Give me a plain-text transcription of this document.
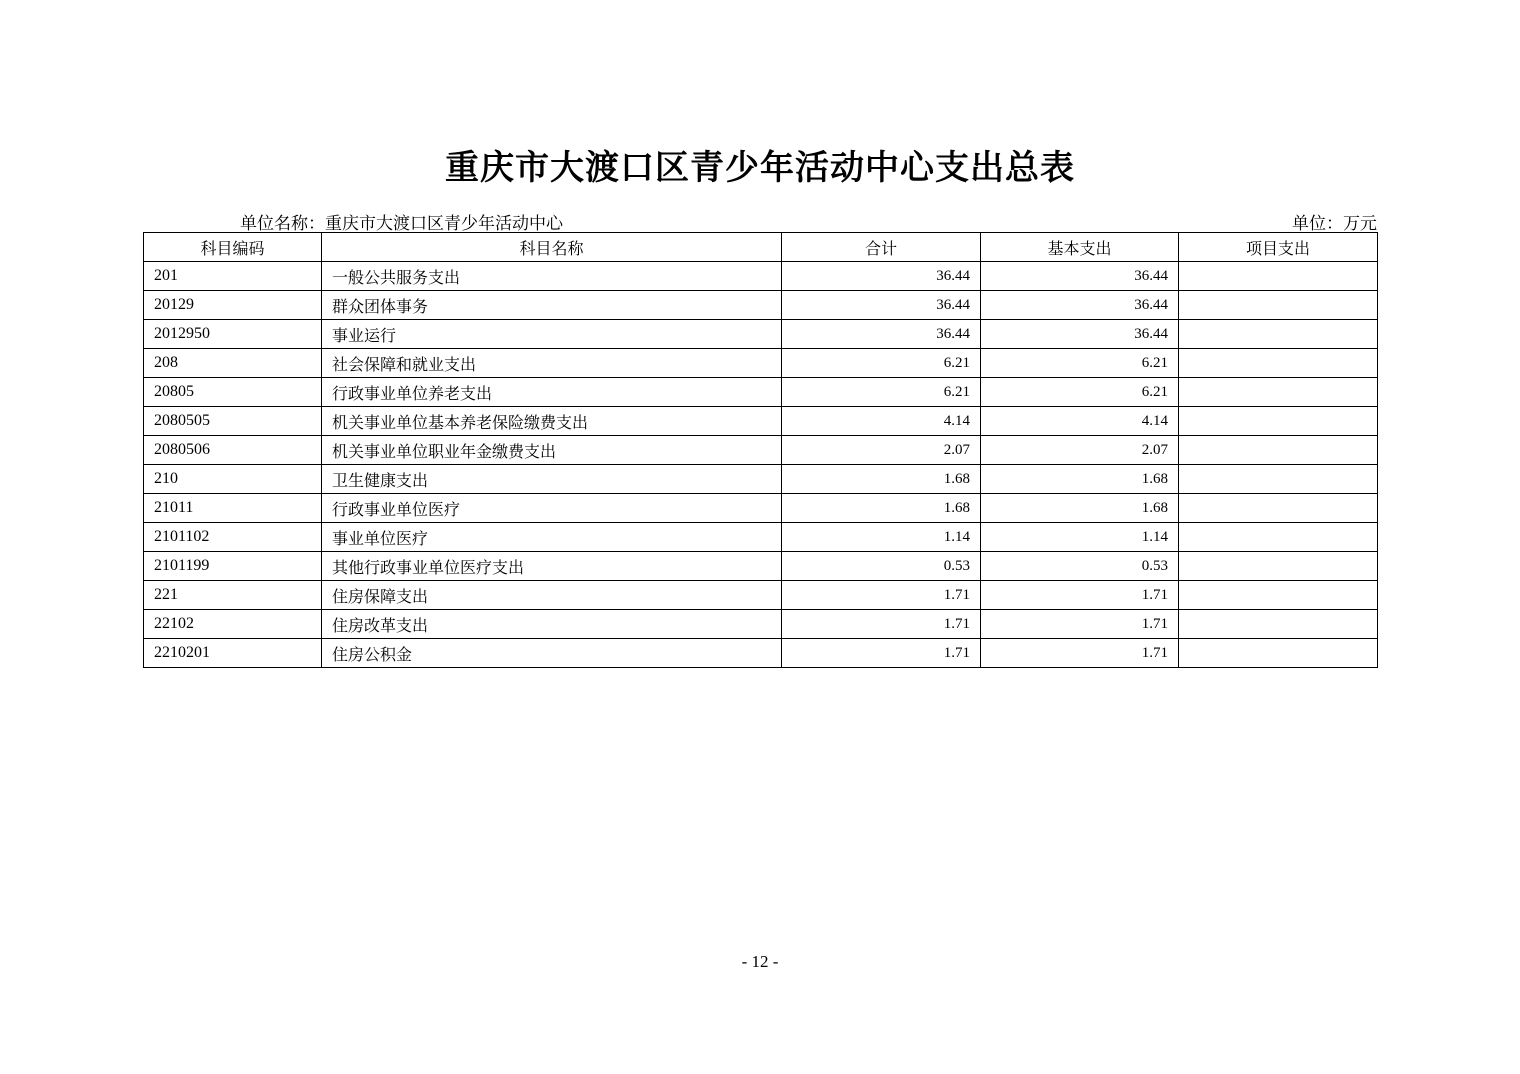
重庆市大渡口区青少年活动中心支出总表
单位名称：重庆市大渡口区青少年活动中心	单位：万元
科目编码	科目名称	合计	基本支出	项目支出
201	一般公共服务支出	36.44	36.44	
20129	群众团体事务	36.44	36.44	
2012950	事业运行	36.44	36.44	
208	社会保障和就业支出	6.21	6.21	
20805	行政事业单位养老支出	6.21	6.21	
2080505	机关事业单位基本养老保险缴费支出	4.14	4.14	
2080506	机关事业单位职业年金缴费支出	2.07	2.07	
210	卫生健康支出	1.68	1.68	
21011	行政事业单位医疗	1.68	1.68	
2101102	事业单位医疗	1.14	1.14	
2101199	其他行政事业单位医疗支出	0.53	0.53	
221	住房保障支出	1.71	1.71	
22102	住房改革支出	1.71	1.71	
2210201	住房公积金	1.71	1.71	
- 12 -
